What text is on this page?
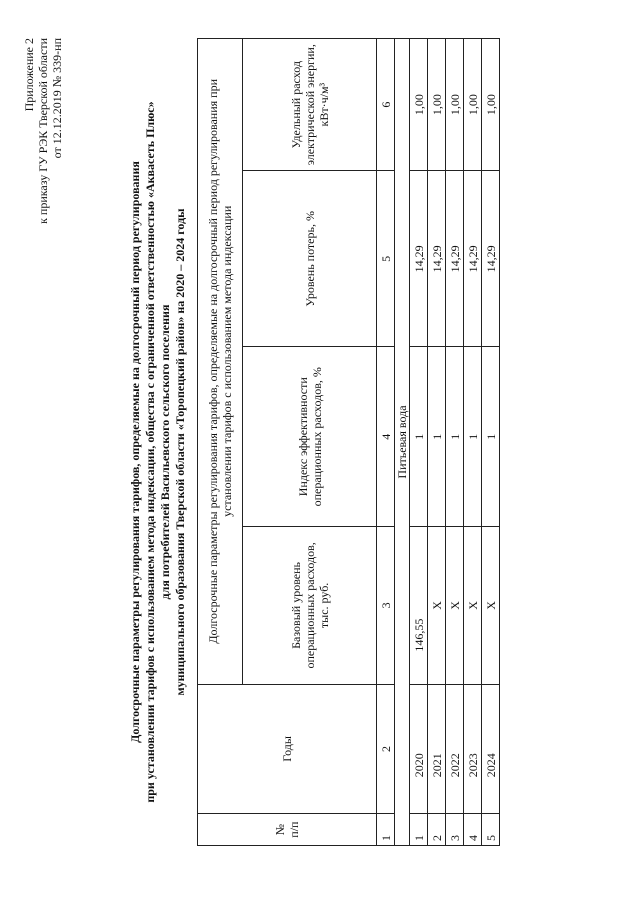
Приложение 2 к приказу ГУ РЭК Тверской области от 12.12.2019 № 339-нп
Долгосрочные параметры регулирования тарифов, определяемые на долгосрочный период регулирования при установлении тарифов с использованием метода индексации, общества с ограниченной ответственностью «Аквасеть Плюс» для потребителей Васильевского сельского поселения муниципального образования Тверской области «Торопецкий район» на 2020 – 2024 годы
№ п/п	Годы	Долгосрочные параметры регулирования тарифов, определяемые на долгосрочный период регулирования при установлении тарифов с использованием метода индексации			
		Базовый уровень операционных расходов, тыс. руб.	Индекс эффективности операционных расходов, %	Уровень потерь, %	Удельный расход электрической энергии, кВт·ч/м³
1	2	3	4	5	6
Питьевая вода					
1	2020	146,55	1	14,29	1,00
2	2021	X	1	14,29	1,00
3	2022	X	1	14,29	1,00
4	2023	X	1	14,29	1,00
5	2024	X	1	14,29	1,00
